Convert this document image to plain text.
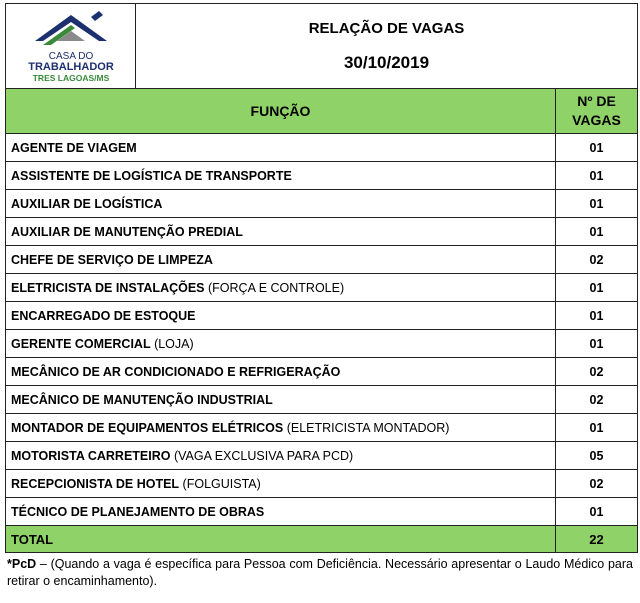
CASA DO
TRABALHADOR
TRES LAGOAS/MS	RELAÇÃO DE VAGAS
30/10/2019	

FUNÇÃO		Nº DE
VAGAS
AGENTE DE VIAGEM		01
ASSISTENTE DE LOGÍSTICA DE TRANSPORTE		01
AUXILIAR DE LOGÍSTICA		01
AUXILIAR DE MANUTENÇÃO PREDIAL		01
CHEFE DE SERVIÇO DE LIMPEZA		02
ELETRICISTA DE INSTALAÇÕES (FORÇA E CONTROLE)		01
ENCARREGADO DE ESTOQUE		01
GERENTE COMERCIAL (LOJA)		01
MECÂNICO DE AR CONDICIONADO E REFRIGERAÇÃO		02
MECÂNICO DE MANUTENÇÃO INDUSTRIAL		02
MONTADOR DE EQUIPAMENTOS ELÉTRICOS (ELETRICISTA MONTADOR)		01
MOTORISTA CARRETEIRO (VAGA EXCLUSIVA PARA PCD)		05
RECEPCIONISTA DE HOTEL (FOLGUISTA)		02
TÉCNICO DE PLANEJAMENTO DE OBRAS		01
TOTAL		22
*PcD – (Quando a vaga é específica para Pessoa com Deficiência. Necessário apresentar o Laudo Médico para retirar o encaminhamento).
